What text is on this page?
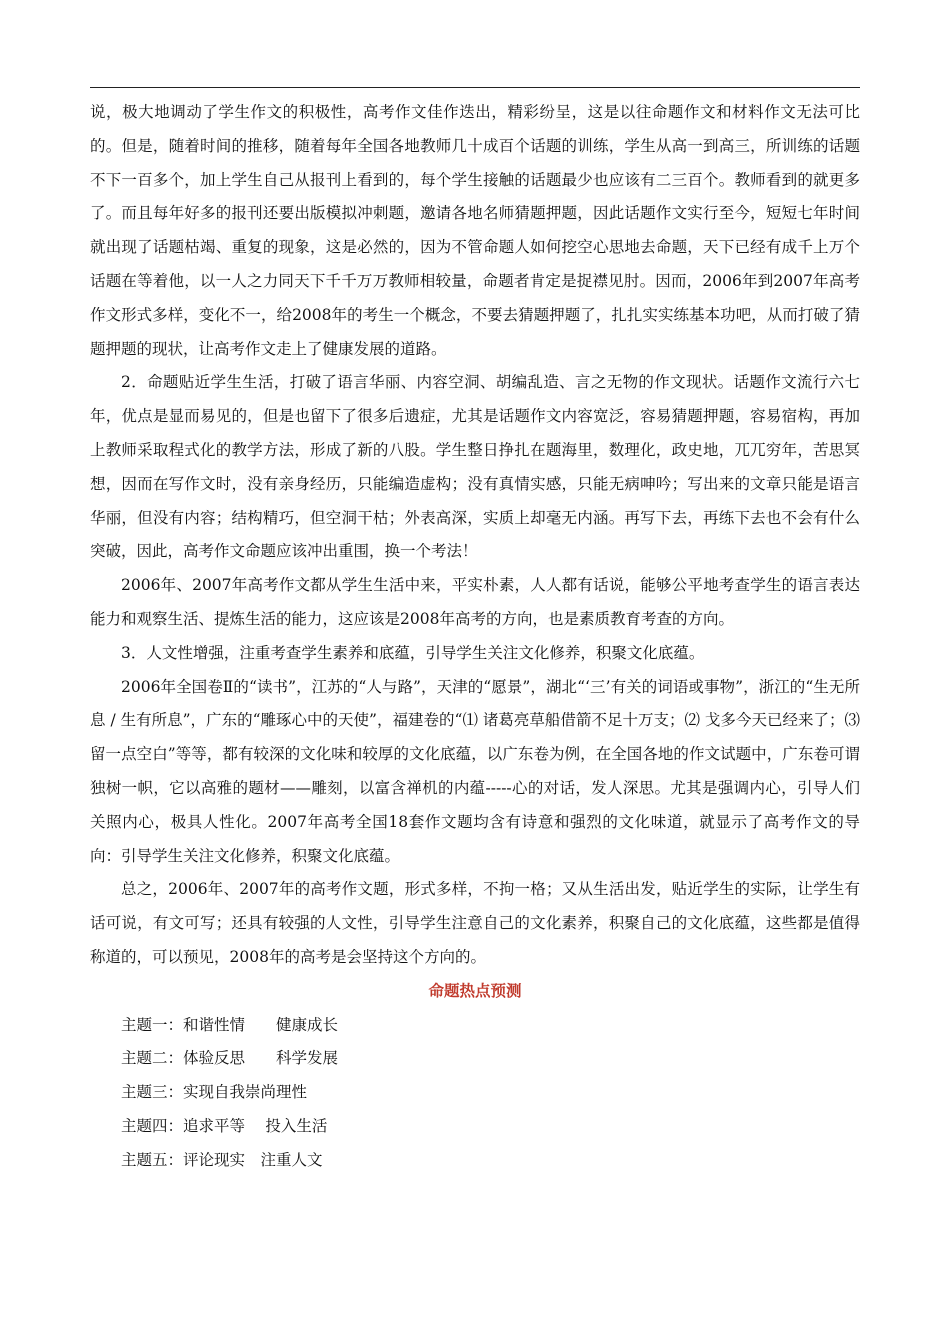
说，极大地调动了学生作文的积极性，高考作文佳作迭出，精彩纷呈，这是以往命题作文和材料作文无法可比的。但是，随着时间的推移，随着每年全国各地教师几十成百个话题的训练，学生从高一到高三，所训练的话题不下一百多个，加上学生自己从报刊上看到的，每个学生接触的话题最少也应该有二三百个。教师看到的就更多了。而且每年好多的报刊还要出版模拟冲刺题，邀请各地名师猜题押题，因此话题作文实行至今，短短七年时间就出现了话题枯竭、重复的现象，这是必然的，因为不管命题人如何挖空心思地去命题，天下已经有成千上万个话题在等着他，以一人之力同天下千千万万教师相较量，命题者肯定是捉襟见肘。因而，2006年到2007年高考作文形式多样，变化不一，给2008年的考生一个概念，不要去猜题押题了，扎扎实实练基本功吧，从而打破了猜题押题的现状，让高考作文走上了健康发展的道路。

2．命题贴近学生生活，打破了语言华丽、内容空洞、胡编乱造、言之无物的作文现状。话题作文流行六七年，优点是显而易见的，但是也留下了很多后遗症，尤其是话题作文内容宽泛，容易猜题押题，容易宿构，再加上教师采取程式化的教学方法，形成了新的八股。学生整日挣扎在题海里，数理化，政史地，兀兀穷年，苦思冥想，因而在写作文时，没有亲身经历，只能编造虚构；没有真情实感，只能无病呻吟；写出来的文章只能是语言华丽，但没有内容；结构精巧，但空洞干枯；外表高深，实质上却毫无内涵。再写下去，再练下去也不会有什么突破，因此，高考作文命题应该冲出重围，换一个考法！

2006年、2007年高考作文都从学生生活中来，平实朴素，人人都有话说，能够公平地考查学生的语言表达能力和观察生活、提炼生活的能力，这应该是2008年高考的方向，也是素质教育考查的方向。

3．人文性增强，注重考查学生素养和底蕴，引导学生关注文化修养，积聚文化底蕴。

2006年全国卷Ⅱ的“读书”，江苏的“人与路”，天津的“愿景”，湖北“‘三’有关的词语或事物”，浙江的“生无所息 / 生有所息”，广东的“雕琢心中的天使”，福建卷的“⑴ 诸葛亮草船借箭不足十万支；⑵ 戈多今天已经来了；⑶ 留一点空白”等等，都有较深的文化味和较厚的文化底蕴，以广东卷为例，在全国各地的作文试题中，广东卷可谓独树一帜，它以高雅的题材——雕刻，以富含禅机的内蕴-----心的对话，发人深思。尤其是强调内心，引导人们关照内心，极具人性化。2007年高考全国18套作文题均含有诗意和强烈的文化味道，就显示了高考作文的导向：引导学生关注文化修养，积聚文化底蕴。

总之，2006年、2007年的高考作文题，形式多样，不拘一格；又从生活出发，贴近学生的实际，让学生有话可说，有文可写；还具有较强的人文性，引导学生注意自己的文化素养，积聚自己的文化底蕴，这些都是值得称道的，可以预见，2008年的高考是会坚持这个方向的。

命题热点预测
主题一：和谐性情　　健康成长
主题二：体验反思　　科学发展
主题三：实现自我崇尚理性
主题四：追求平等　 投入生活
主题五：评论现实　注重人文
